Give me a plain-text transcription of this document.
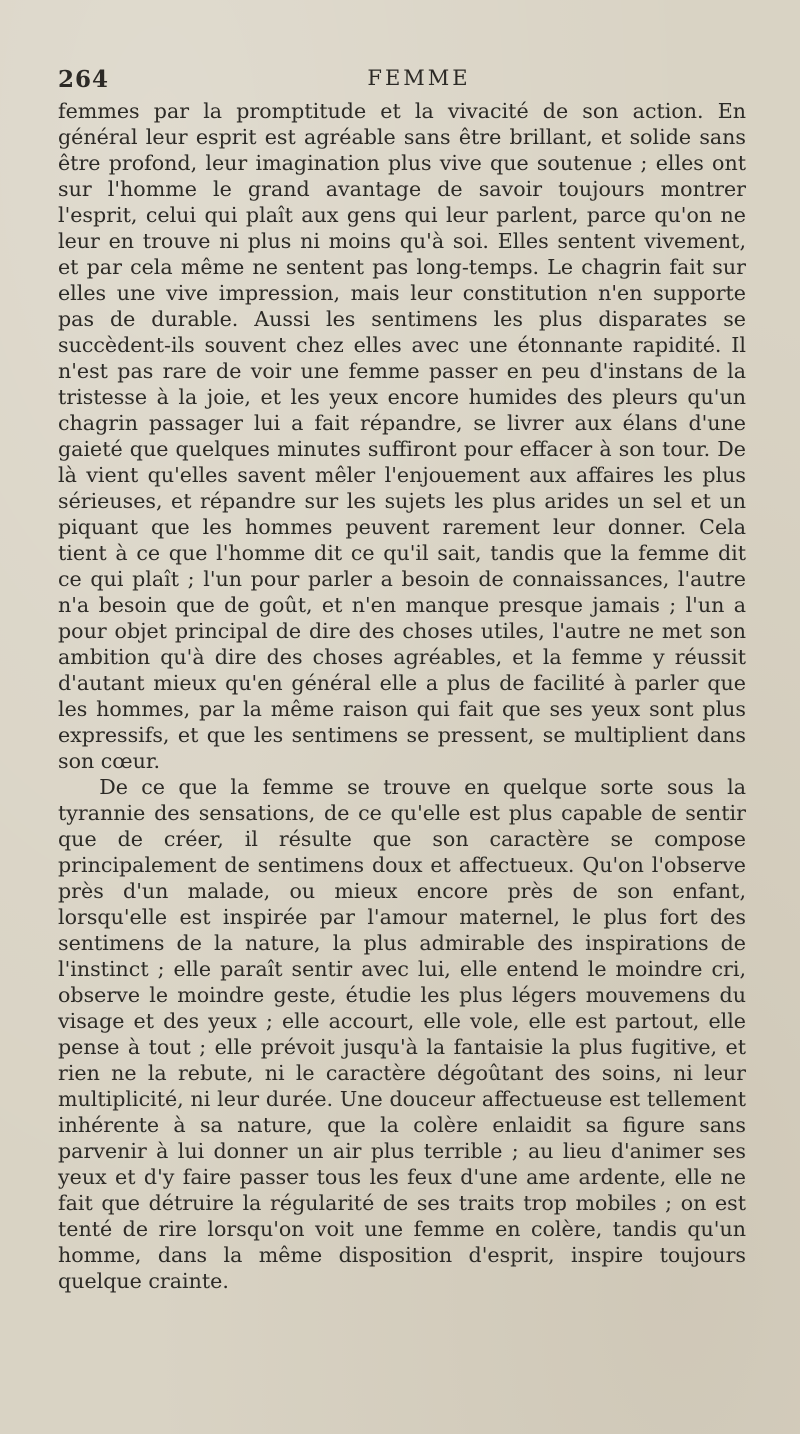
264	FEMME

femmes par la promptitude et la vivacité de son action. En général leur esprit est agréable sans être brillant, et solide sans être profond, leur imagination plus vive que soutenue ; elles ont sur l'homme le grand avantage de savoir toujours montrer l'esprit, celui qui plaît aux gens qui leur parlent, parce qu'on ne leur en trouve ni plus ni moins qu'à soi. Elles sentent vivement, et par cela même ne sentent pas long-temps. Le chagrin fait sur elles une vive impression, mais leur constitution n'en supporte pas de durable. Aussi les sentimens les plus disparates se succèdent-ils souvent chez elles avec une étonnante rapidité. Il n'est pas rare de voir une femme passer en peu d'instans de la tristesse à la joie, et les yeux encore humides des pleurs qu'un chagrin passager lui a fait répandre, se livrer aux élans d'une gaieté que quelques minutes suffiront pour effacer à son tour. De là vient qu'elles savent mêler l'enjouement aux affaires les plus sérieuses, et répandre sur les sujets les plus arides un sel et un piquant que les hommes peuvent rarement leur donner. Cela tient à ce que l'homme dit ce qu'il sait, tandis que la femme dit ce qui plaît ; l'un pour parler a besoin de connaissances, l'autre n'a besoin que de goût, et n'en manque presque jamais ; l'un a pour objet principal de dire des choses utiles, l'autre ne met son ambition qu'à dire des choses agréables, et la femme y réussit d'autant mieux qu'en général elle a plus de facilité à parler que les hommes, par la même raison qui fait que ses yeux sont plus expressifs, et que les sentimens se pressent, se multiplient dans son cœur.

De ce que la femme se trouve en quelque sorte sous la tyrannie des sensations, de ce qu'elle est plus capable de sentir que de créer, il résulte que son caractère se compose principalement de sentimens doux et affectueux. Qu'on l'observe près d'un malade, ou mieux encore près de son enfant, lorsqu'elle est inspirée par l'amour maternel, le plus fort des sentimens de la nature, la plus admirable des inspirations de l'instinct ; elle paraît sentir avec lui, elle entend le moindre cri, observe le moindre geste, étudie les plus légers mouvemens du visage et des yeux ; elle accourt, elle vole, elle est partout, elle pense à tout ; elle prévoit jusqu'à la fantaisie la plus fugitive, et rien ne la rebute, ni le caractère dégoûtant des soins, ni leur multiplicité, ni leur durée. Une douceur affectueuse est tellement inhérente à sa nature, que la colère enlaidit sa figure sans parvenir à lui donner un air plus terrible ; au lieu d'animer ses yeux et d'y faire passer tous les feux d'une ame ardente, elle ne fait que détruire la régularité de ses traits trop mobiles ; on est tenté de rire lorsqu'on voit une femme en colère, tandis qu'un homme, dans la même disposition d'esprit, inspire toujours quelque crainte.
